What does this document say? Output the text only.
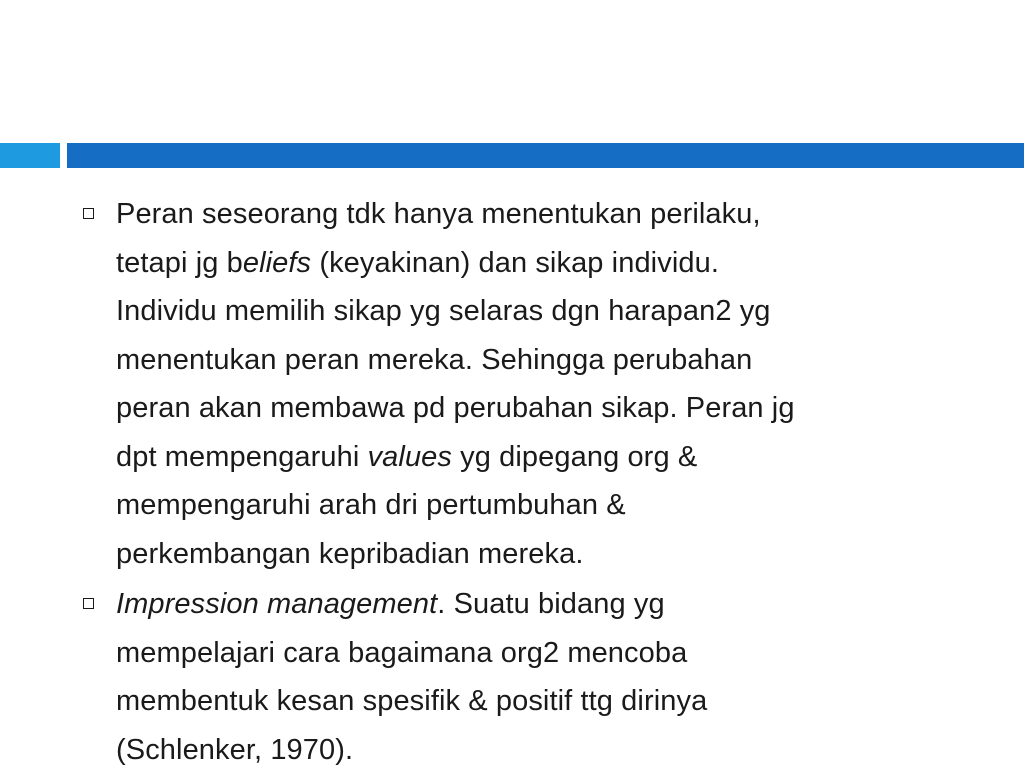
Peran seseorang tdk hanya menentukan perilaku,
tetapi jg beliefs (keyakinan) dan sikap individu.
Individu memilih sikap yg selaras dgn harapan2 yg
menentukan peran mereka. Sehingga perubahan
peran akan membawa pd perubahan sikap. Peran jg
dpt mempengaruhi values yg dipegang org &
mempengaruhi arah dri pertumbuhan &
perkembangan kepribadian mereka.
Impression management. Suatu bidang yg
mempelajari cara bagaimana org2 mencoba
membentuk kesan spesifik & positif ttg dirinya
(Schlenker, 1970).
